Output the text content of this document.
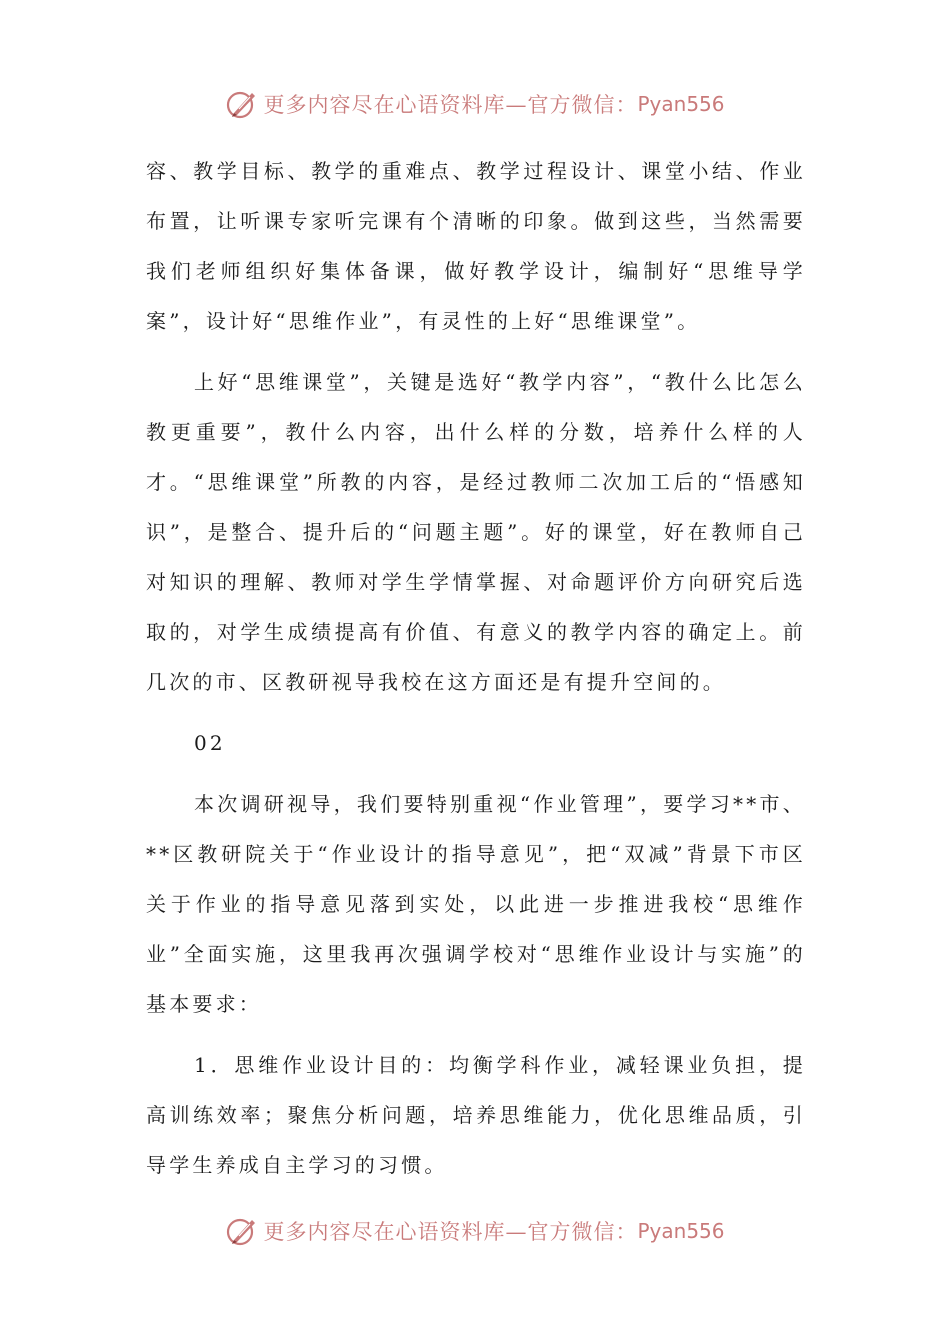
更多内容尽在心语资料库—官方微信： Pyan556

容、教学目标、教学的重难点、教学过程设计、课堂小结、作业布置，让听课专家听完课有个清晰的印象。做到这些，当然需要我们老师组织好集体备课，做好教学设计，编制好“思维导学案”，设计好“思维作业”，有灵性的上好“思维课堂”。

上好“思维课堂”，关键是选好“教学内容”，“教什么比怎么教更重要”，教什么内容，出什么样的分数，培养什么样的人才。“思维课堂”所教的内容，是经过教师二次加工后的“悟感知识”，是整合、提升后的“问题主题”。好的课堂，好在教师自己对知识的理解、教师对学生学情掌握、对命题评价方向研究后选取的，对学生成绩提高有价值、有意义的教学内容的确定上。前几次的市、区教研视导我校在这方面还是有提升空间的。

02

本次调研视导，我们要特别重视“作业管理”，要学习**市、**区教研院关于“作业设计的指导意见”，把“双减”背景下市区关于作业的指导意见落到实处，以此进一步推进我校“思维作业”全面实施，这里我再次强调学校对“思维作业设计与实施”的基本要求：

1．思维作业设计目的：均衡学科作业，减轻课业负担，提高训练效率；聚焦分析问题，培养思维能力，优化思维品质，引导学生养成自主学习的习惯。

更多内容尽在心语资料库—官方微信： Pyan556
